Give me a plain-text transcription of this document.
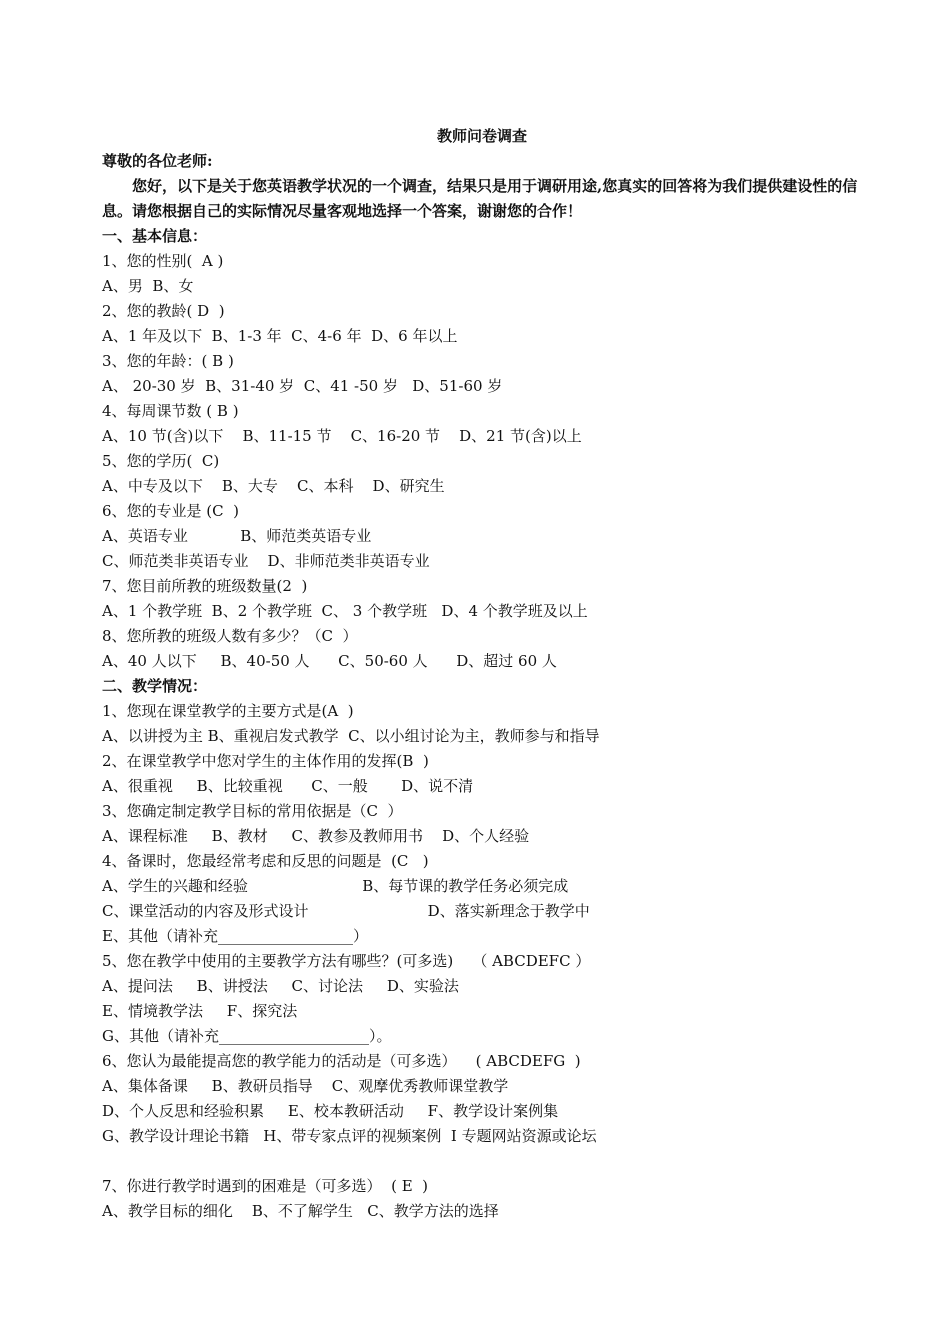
教师问卷调查
尊敬的各位老师:
您好，以下是关于您英语教学状况的一个调查，结果只是用于调研用途,您真实的回答将为我们提供建设性的信息。请您根据自己的实际情况尽量客观地选择一个答案，谢谢您的合作！
一、基本信息：
1、您的性别(  A )
A、男  B、女
2、您的教龄( D  )
A、1 年及以下  B、1-3 年  C、4-6 年  D、6 年以上
3、您的年龄：( B )
A、 20-30 岁  B、31-40 岁  C、41 -50 岁   D、51-60 岁
4、每周课节数 ( B )
A、10 节(含)以下    B、11-15 节    C、16-20 节    D、21 节(含)以上
5、您的学历(  C)
A、中专及以下    B、大专    C、本科    D、研究生
6、您的专业是 (C  )
A、英语专业           B、师范类英语专业
C、师范类非英语专业    D、非师范类非英语专业
7、您目前所教的班级数量(2  )
A、1 个教学班  B、2 个教学班  C、 3 个教学班   D、4 个教学班及以上
8、您所教的班级人数有多少？（C  ）
A、40 人以下     B、40-50 人      C、50-60 人      D、超过 60 人
二、教学情况：
1、您现在课堂教学的主要方式是(A  )
A、以讲授为主 B、重视启发式教学  C、以小组讨论为主，教师参与和指导
2、在课堂教学中您对学生的主体作用的发挥(B  )
A、很重视     B、比较重视      C、一般       D、说不清
3、您确定制定教学目标的常用依据是（C  ）
A、课程标准     B、教材     C、教参及教师用书    D、个人经验
4、备课时，您最经常考虑和反思的问题是  (C   )
A、学生的兴趣和经验                        B、每节课的教学任务必须完成
C、课堂活动的内容及形式设计                         D、落实新理念于教学中
E、其他（请补充__________________）
5、您在教学中使用的主要教学方法有哪些？(可多选)    （ ABCDEFC ）
A、提问法     B、讲授法     C、讨论法     D、实验法
E、情境教学法     F、探究法
G、其他（请补充____________________）。
6、您认为最能提高您的教学能力的活动是（可多选）    ( ABCDEFG  )
A、集体备课     B、教研员指导    C、观摩优秀教师课堂教学
D、个人反思和经验积累     E、校本教研活动     F、教学设计案例集
G、教学设计理论书籍   H、带专家点评的视频案例  I 专题网站资源或论坛
7、你进行教学时遇到的困难是（可多选）  ( E  )
A、教学目标的细化    B、不了解学生   C、教学方法的选择
